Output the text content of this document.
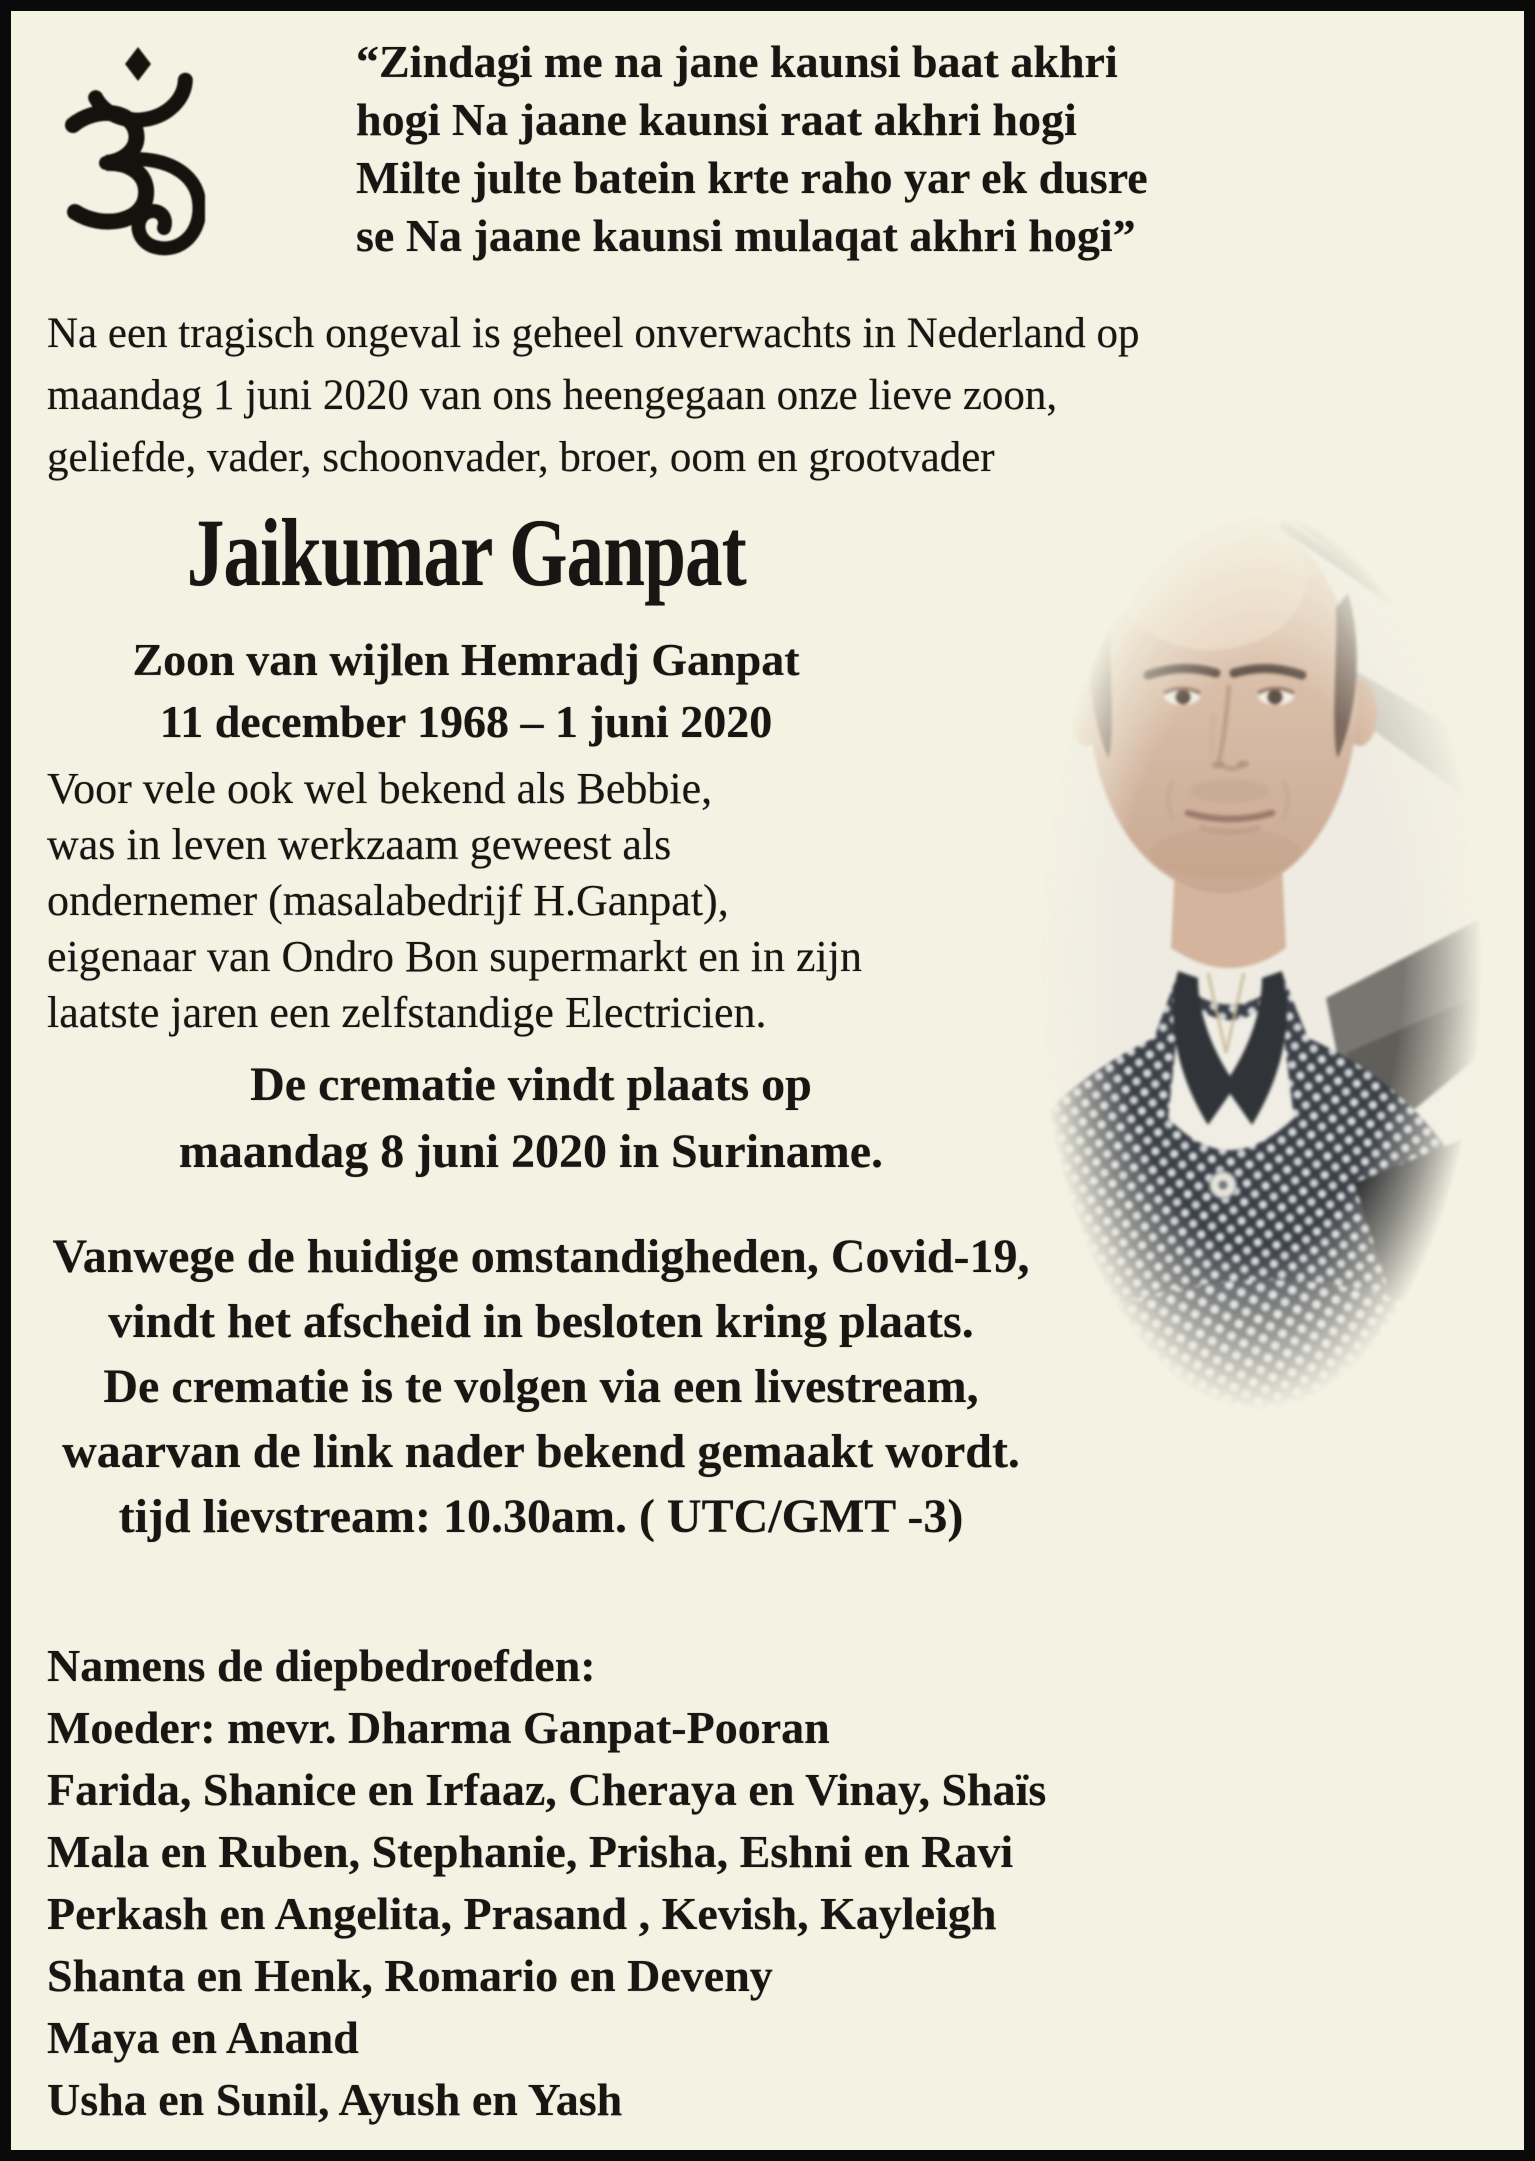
“Zindagi me na jane kaunsi baat akhri
hogi Na jaane kaunsi raat akhri hogi
Milte julte batein krte raho yar ek dusre
se Na jaane kaunsi mulaqat akhri hogi”
Na een tragisch ongeval is geheel onverwachts in Nederland op
maandag 1 juni 2020 van ons heengegaan onze lieve zoon,
geliefde, vader, schoonvader, broer, oom en grootvader
Jaikumar Ganpat
Zoon van wijlen Hemradj Ganpat
11 december 1968 – 1 juni 2020
Voor vele ook wel bekend als Bebbie,
was in leven werkzaam geweest als
ondernemer (masalabedrijf H.Ganpat),
eigenaar van Ondro Bon supermarkt en in zijn
laatste jaren een zelfstandige Electricien.
De crematie vindt plaats op
maandag 8 juni 2020 in Suriname.
Vanwege de huidige omstandigheden, Covid-19,
vindt het afscheid in besloten kring plaats.
De crematie is te volgen via een livestream,
waarvan de link nader bekend gemaakt wordt.
tijd lievstream: 10.30am. ( UTC/GMT -3)
Namens de diepbedroefden:
Moeder: mevr. Dharma Ganpat-Pooran
Farida, Shanice en Irfaaz, Cheraya en Vinay, Shaïs
Mala en Ruben, Stephanie, Prisha, Eshni en Ravi
Perkash en Angelita, Prasand , Kevish, Kayleigh
Shanta en Henk, Romario en Deveny
Maya en Anand
Usha en Sunil, Ayush en Yash
